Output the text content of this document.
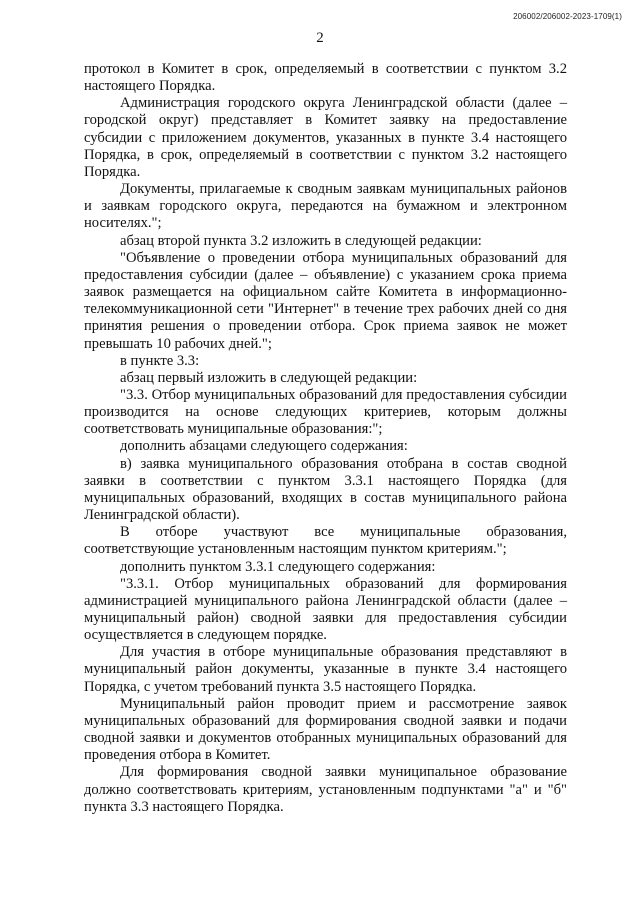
206002/206002-2023-1709(1)
2

протокол в Комитет в срок, определяемый в соответствии с пунктом 3.2 настоящего Порядка.

Администрация городского округа Ленинградской области (далее – городской округ) представляет в Комитет заявку на предоставление субсидии с приложением документов, указанных в пункте 3.4 настоящего Порядка, в срок, определяемый в соответствии с пунктом 3.2 настоящего Порядка.

Документы, прилагаемые к сводным заявкам муниципальных районов и заявкам городского округа, передаются на бумажном и электронном носителях.";

абзац второй пункта 3.2 изложить в следующей редакции:

"Объявление о проведении отбора муниципальных образований для предоставления субсидии (далее – объявление) с указанием срока приема заявок размещается на официальном сайте Комитета в информационно-телекоммуникационной сети "Интернет" в течение трех рабочих дней со дня принятия решения о проведении отбора. Срок приема заявок не может превышать 10 рабочих дней.";

в пункте 3.3:

абзац первый изложить в следующей редакции:

"3.3. Отбор муниципальных образований для предоставления субсидии производится на основе следующих критериев, которым должны соответствовать муниципальные образования:";

дополнить абзацами следующего содержания:

в) заявка муниципального образования отобрана в состав сводной заявки в соответствии с пунктом 3.3.1 настоящего Порядка (для муниципальных образований, входящих в состав муниципального района Ленинградской области).

В отборе участвуют все муниципальные образования, соответствующие установленным настоящим пунктом критериям.";

дополнить пунктом 3.3.1 следующего содержания:

"3.3.1. Отбор муниципальных образований для формирования администрацией муниципального района Ленинградской области (далее – муниципальный район) сводной заявки для предоставления субсидии осуществляется в следующем порядке.

Для участия в отборе муниципальные образования представляют в муниципальный район документы, указанные в пункте 3.4 настоящего Порядка, с учетом требований пункта 3.5 настоящего Порядка.

Муниципальный район проводит прием и рассмотрение заявок муниципальных образований для формирования сводной заявки и подачи сводной заявки и документов отобранных муниципальных образований для проведения отбора в Комитет.

Для формирования сводной заявки муниципальное образование должно соответствовать критериям, установленным подпунктами "а" и "б" пункта 3.3 настоящего Порядка.
